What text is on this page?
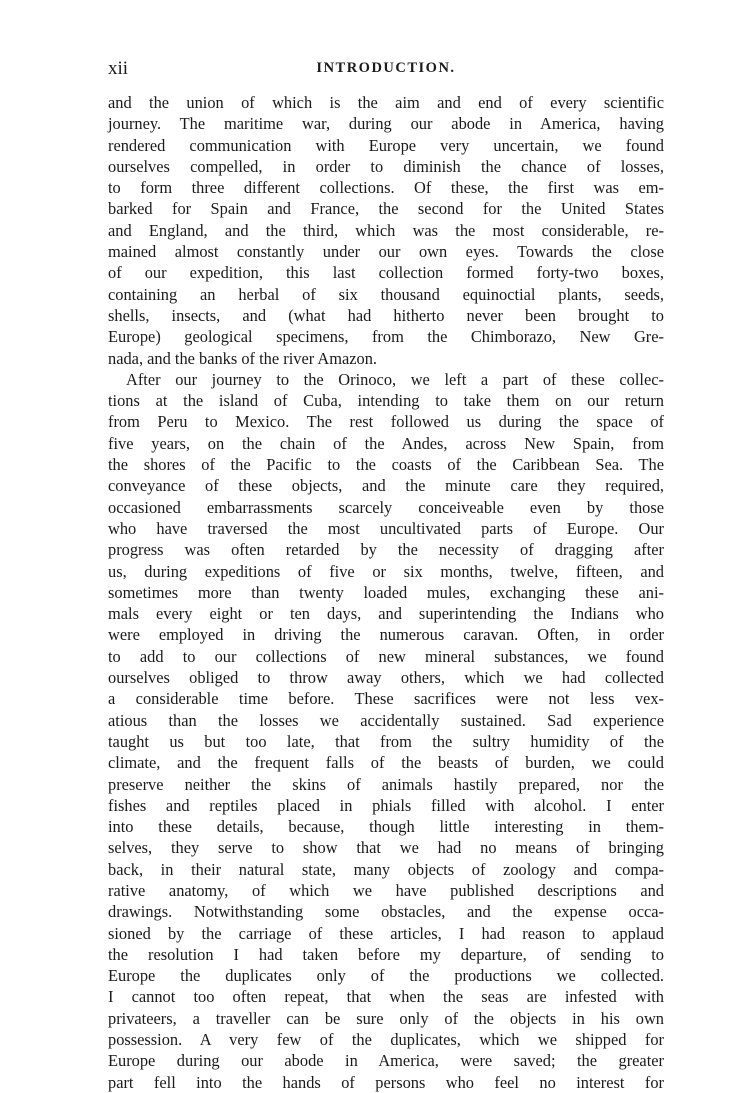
xii	INTRODUCTION.
and the union of which is the aim and end of every scientific
journey. The maritime war, during our abode in America, having
rendered communication with Europe very uncertain, we found
ourselves compelled, in order to diminish the chance of losses,
to form three different collections. Of these, the first was em-
barked for Spain and France, the second for the United States
and England, and the third, which was the most considerable, re-
mained almost constantly under our own eyes. Towards the close
of our expedition, this last collection formed forty-two boxes,
containing an herbal of six thousand equinoctial plants, seeds,
shells, insects, and (what had hitherto never been brought to
Europe) geological specimens, from the Chimborazo, New Gre-
nada, and the banks of the river Amazon.
After our journey to the Orinoco, we left a part of these collec-
tions at the island of Cuba, intending to take them on our return
from Peru to Mexico. The rest followed us during the space of
five years, on the chain of the Andes, across New Spain, from
the shores of the Pacific to the coasts of the Caribbean Sea. The
conveyance of these objects, and the minute care they required,
occasioned embarrassments scarcely conceiveable even by those
who have traversed the most uncultivated parts of Europe. Our
progress was often retarded by the necessity of dragging after
us, during expeditions of five or six months, twelve, fifteen, and
sometimes more than twenty loaded mules, exchanging these ani-
mals every eight or ten days, and superintending the Indians who
were employed in driving the numerous caravan. Often, in order
to add to our collections of new mineral substances, we found
ourselves obliged to throw away others, which we had collected
a considerable time before. These sacrifices were not less vex-
atious than the losses we accidentally sustained. Sad experience
taught us but too late, that from the sultry humidity of the
climate, and the frequent falls of the beasts of burden, we could
preserve neither the skins of animals hastily prepared, nor the
fishes and reptiles placed in phials filled with alcohol. I enter
into these details, because, though little interesting in them-
selves, they serve to show that we had no means of bringing
back, in their natural state, many objects of zoology and compa-
rative anatomy, of which we have published descriptions and
drawings. Notwithstanding some obstacles, and the expense occa-
sioned by the carriage of these articles, I had reason to applaud
the resolution I had taken before my departure, of sending to
Europe the duplicates only of the productions we collected.
I cannot too often repeat, that when the seas are infested with
privateers, a traveller can be sure only of the objects in his own
possession. A very few of the duplicates, which we shipped for
Europe during our abode in America, were saved; the greater
part fell into the hands of persons who feel no interest for
